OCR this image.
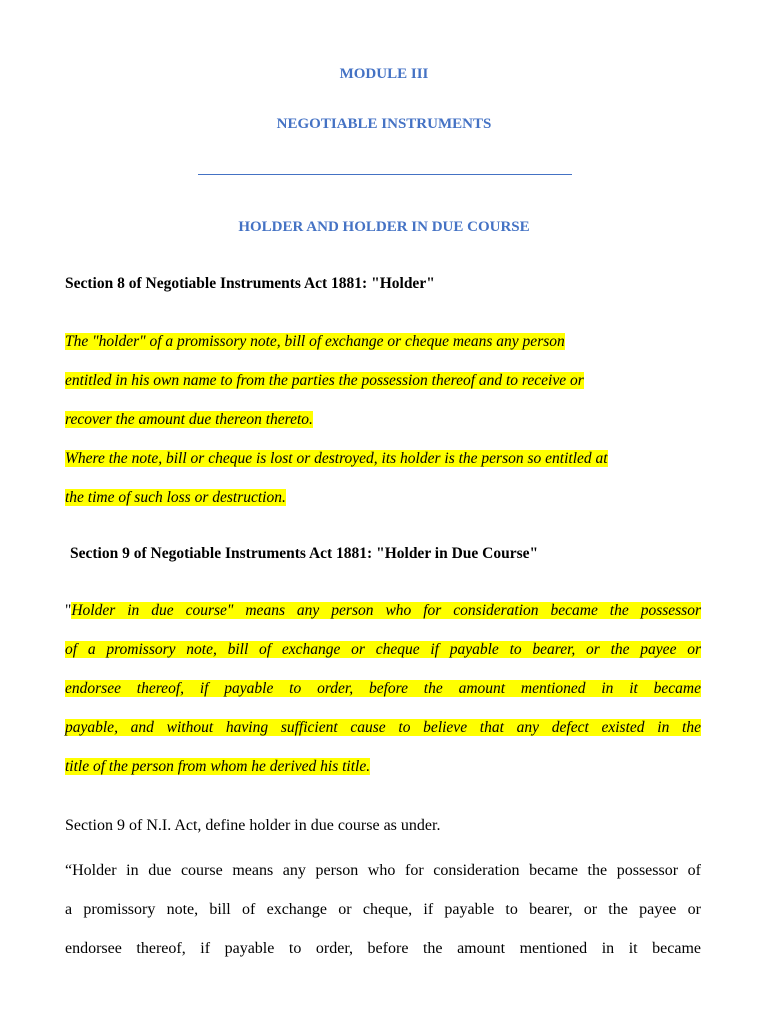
MODULE III
NEGOTIABLE INSTRUMENTS
HOLDER AND HOLDER IN DUE COURSE
Section 8 of Negotiable Instruments Act 1881: "Holder"
The "holder" of a promissory note, bill of exchange or cheque means any person
entitled in his own name to from the parties the possession thereof and to receive or
recover the amount due thereon thereto.
Where the note, bill or cheque is lost or destroyed, its holder is the person so entitled at
the time of such loss or destruction.
Section 9 of Negotiable Instruments Act 1881: "Holder in Due Course"
"Holder in due course" means any person who for consideration became the possessor
of a promissory note, bill of exchange or cheque if payable to bearer, or the payee or
endorsee thereof, if payable to order, before the amount mentioned in it became
payable, and without having sufficient cause to believe that any defect existed in the
title of the person from whom he derived his title.
Section 9 of N.I. Act, define holder in due course as under.
“Holder in due course means any person who for consideration became the possessor of
a promissory note, bill of exchange or cheque, if payable to bearer, or the payee or
endorsee thereof, if payable to order, before the amount mentioned in it became
